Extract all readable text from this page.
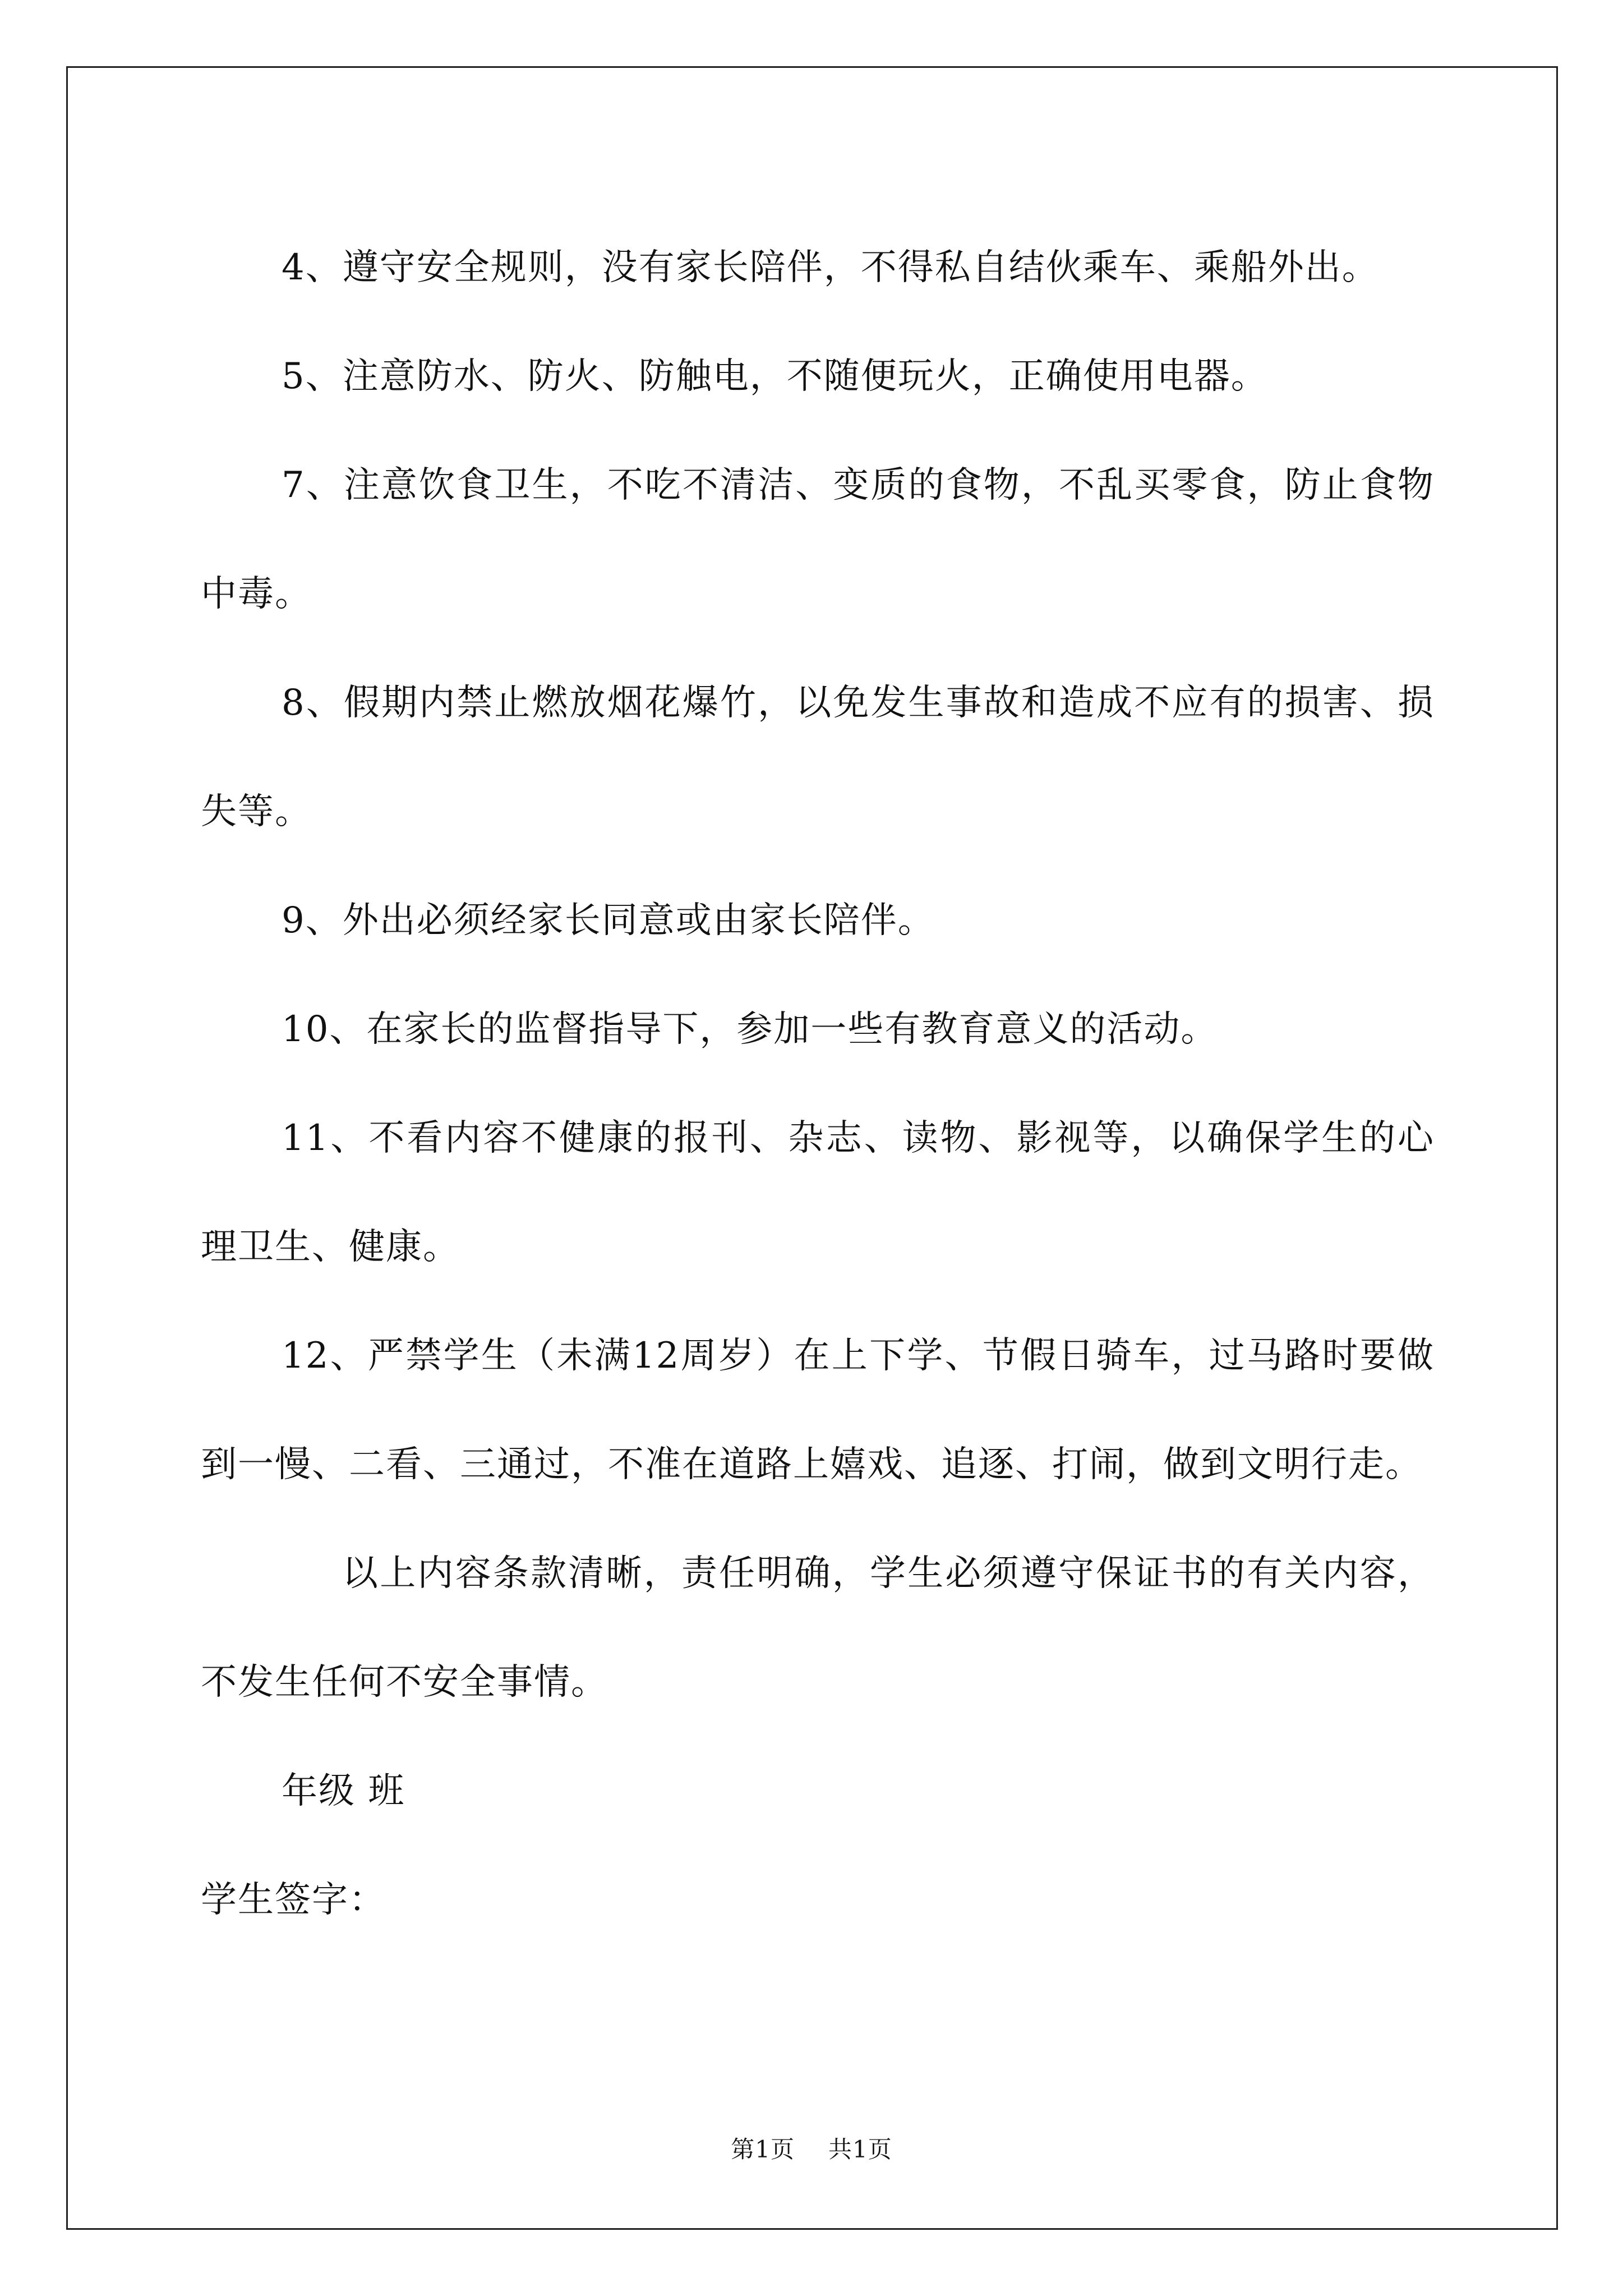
4、遵守安全规则，没有家长陪伴，不得私自结伙乘车、乘船外出。

5、注意防水、防火、防触电，不随便玩火，正确使用电器。

7、注意饮食卫生，不吃不清洁、变质的食物，不乱买零食，防止食物中毒。

8、假期内禁止燃放烟花爆竹，以免发生事故和造成不应有的损害、损失等。

9、外出必须经家长同意或由家长陪伴。

10、在家长的监督指导下，参加一些有教育意义的活动。

11、不看内容不健康的报刊、杂志、读物、影视等，以确保学生的心理卫生、健康。

12、严禁学生（未满12周岁）在上下学、节假日骑车，过马路时要做到一慢、二看、三通过，不准在道路上嬉戏、追逐、打闹，做到文明行走。

以上内容条款清晰，责任明确，学生必须遵守保证书的有关内容，不发生任何不安全事情。

年级 班

学生签字：

第1页 共1页
